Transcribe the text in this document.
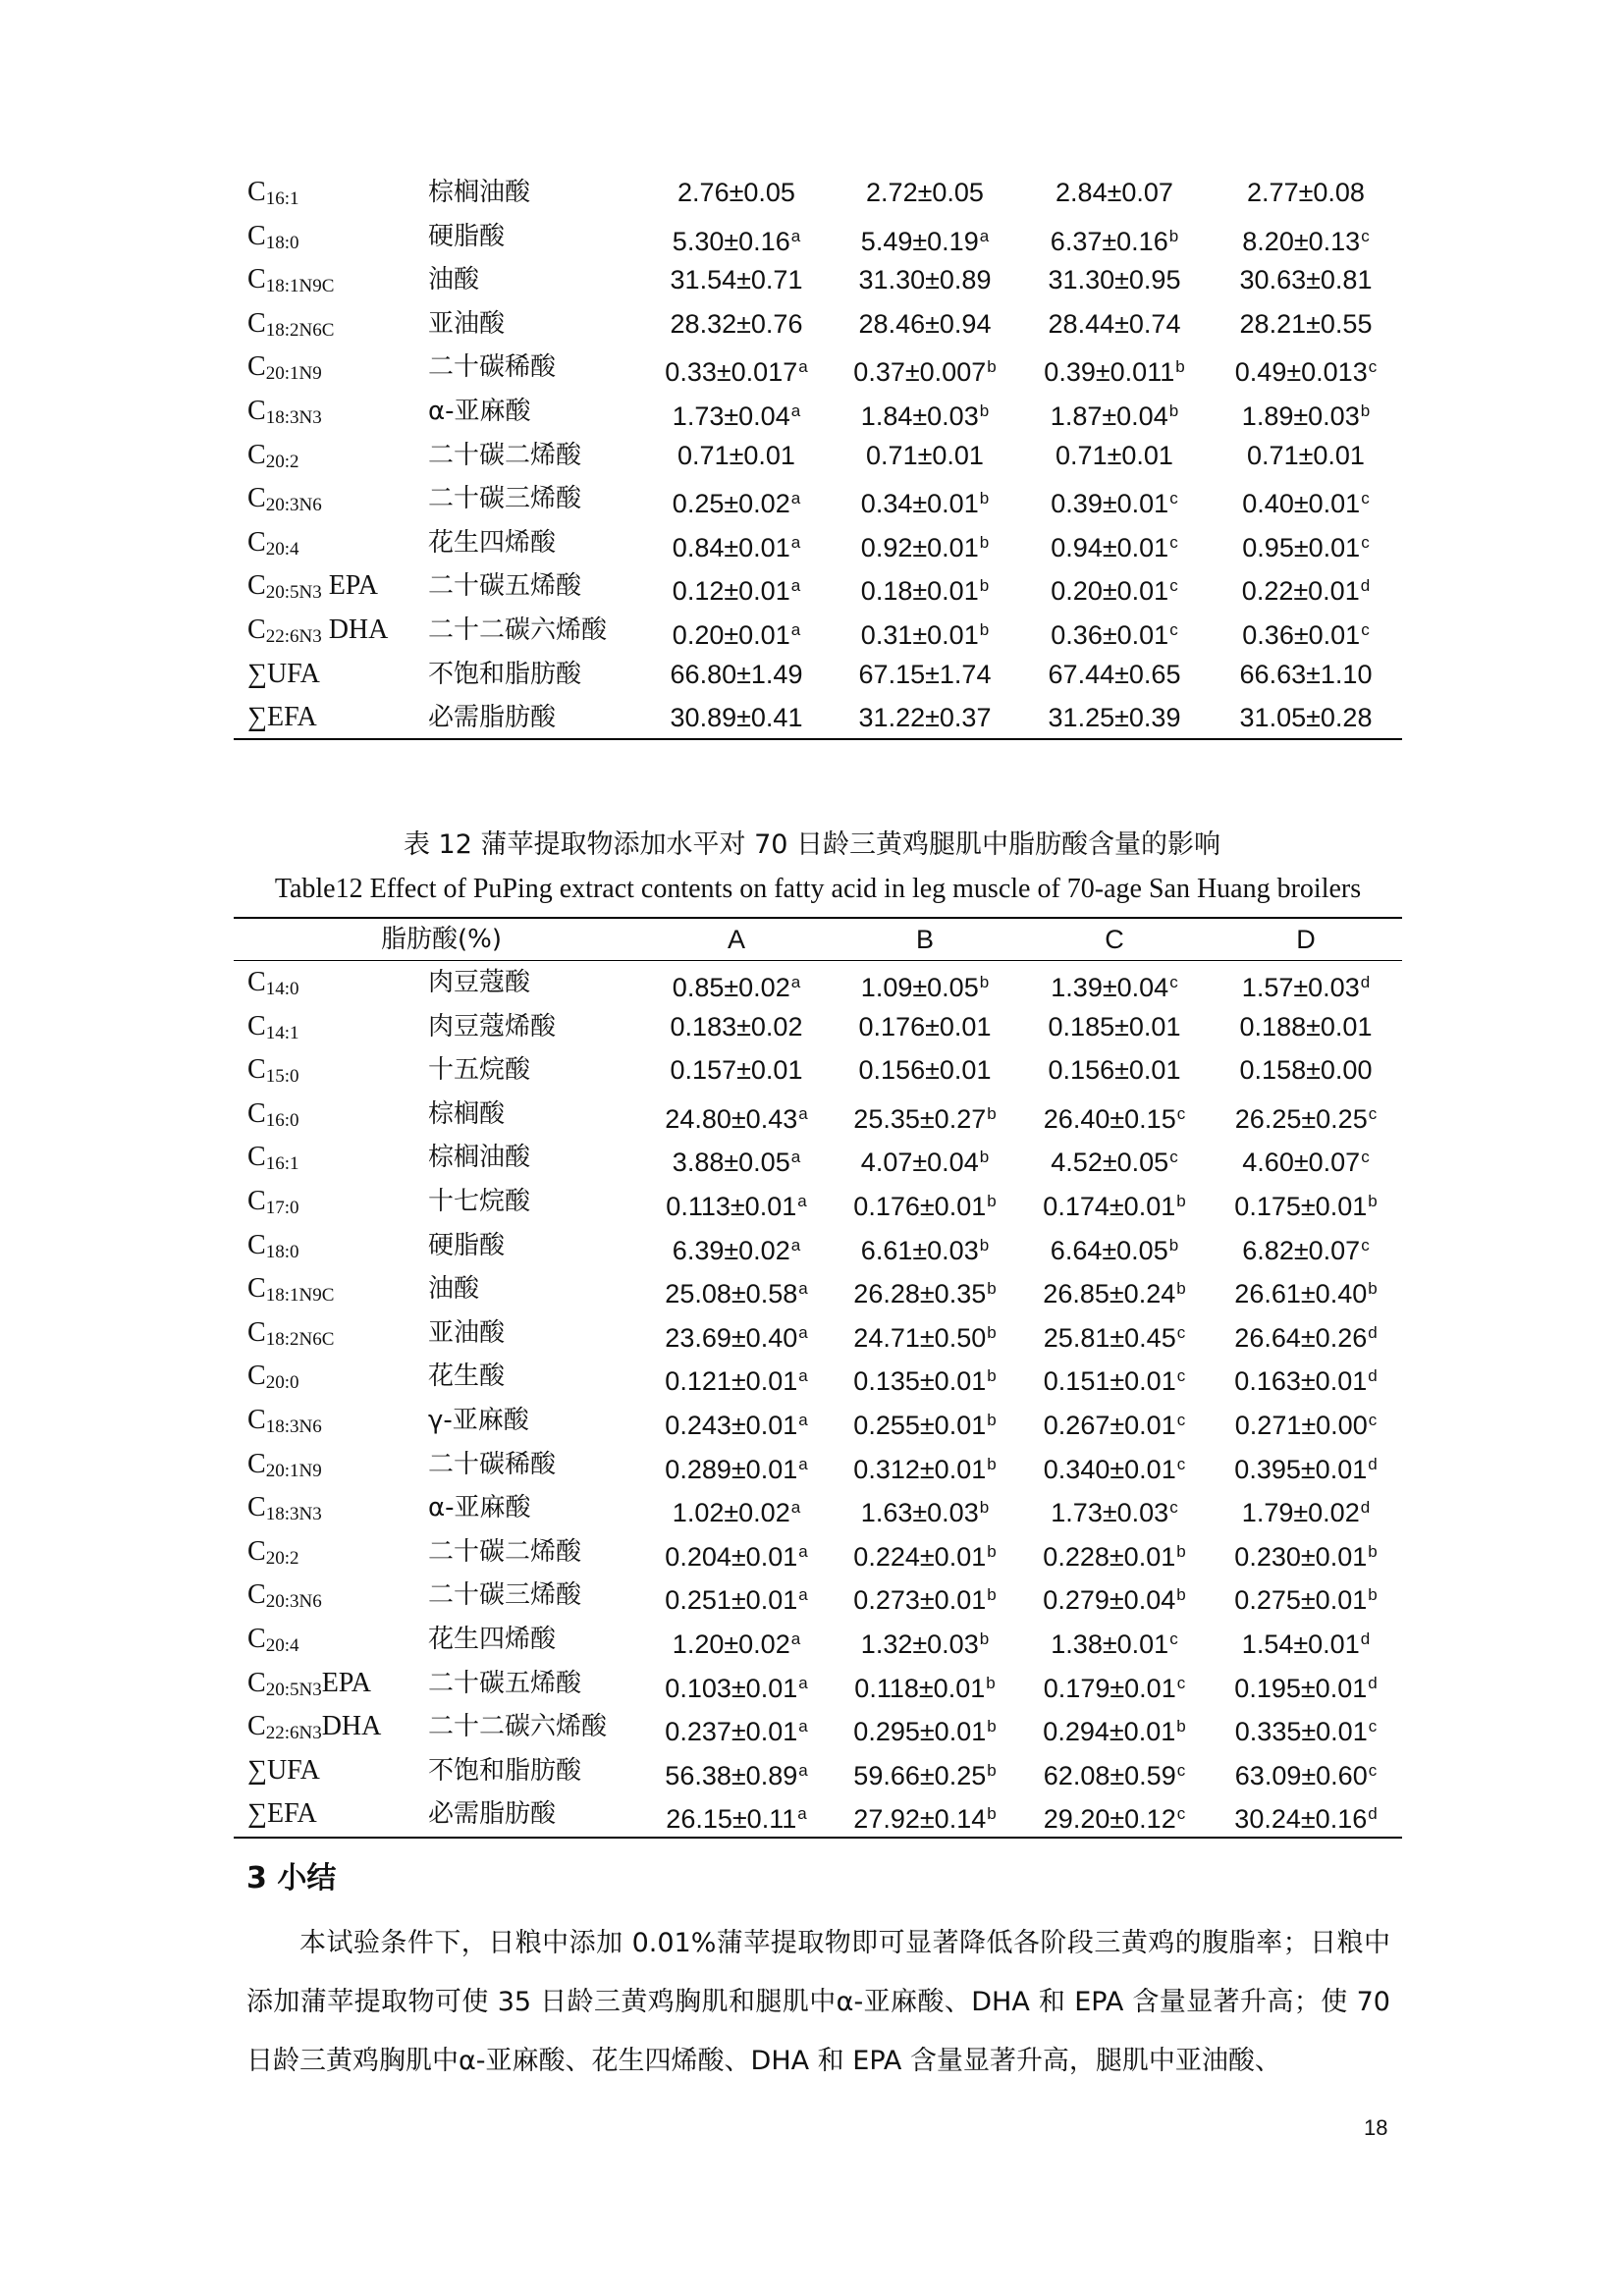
$C_{16:1}$	棕榈油酸	2.76±0.05	2.72±0.05	2.84±0.07	2.77±0.08
$C_{18:0}$	硬脂酸	5.30±0.16$^a$	5.49±0.19$^a$	6.37±0.16$^b$	8.20±0.13$^c$
$C_{18:1N9C}$	油酸	31.54±0.71	31.30±0.89	31.30±0.95	30.63±0.81
$C_{18:2N6C}$	亚油酸	28.32±0.76	28.46±0.94	28.44±0.74	28.21±0.55
$C_{20:1N9}$	二十碳稀酸	0.33±0.017$^a$	0.37±0.007$^b$	0.39±0.011$^b$	0.49±0.013$^c$
$C_{18:3N3}$	α-亚麻酸	1.73±0.04$^a$	1.84±0.03$^b$	1.87±0.04$^b$	1.89±0.03$^b$
$C_{20:2}$	二十碳二烯酸	0.71±0.01	0.71±0.01	0.71±0.01	0.71±0.01
$C_{20:3N6}$	二十碳三烯酸	0.25±0.02$^a$	0.34±0.01$^b$	0.39±0.01$^c$	0.40±0.01$^c$
$C_{20:4}$	花生四烯酸	0.84±0.01$^a$	0.92±0.01$^b$	0.94±0.01$^c$	0.95±0.01$^c$
$C_{20:5N3}$ EPA 二十碳五烯酸	0.12±0.01$^a$	0.18±0.01$^b$	0.20±0.01$^c$	0.22±0.01$^d$
$C_{22:6N3}$ DHA 二十二碳六烯酸	0.20±0.01$^a$	0.31±0.01$^b$	0.36±0.01$^c$	0.36±0.01$^c$
∑UFA	不饱和脂肪酸	66.80±1.49	67.15±1.74	67.44±0.65	66.63±1.10
∑EFA	必需脂肪酸	30.89±0.41	31.22±0.37	31.25±0.39	31.05±0.28
表 12 蒲苹提取物添加水平对 70 日龄三黄鸡腿肌中脂肪酸含量的影响
Table12 Effect of PuPing extract contents on fatty acid in leg muscle of 70-age San Huang broilers
脂肪酸(%)	A	B	C	D
$C_{14:0}$	肉豆蔻酸	0.85±0.02$^a$	1.09±0.05$^b$	1.39±0.04$^c$	1.57±0.03$^d$
$C_{14:1}$	肉豆蔻烯酸	0.183±0.02	0.176±0.01	0.185±0.01	0.188±0.01
$C_{15:0}$	十五烷酸	0.157±0.01	0.156±0.01	0.156±0.01	0.158±0.00
$C_{16:0}$	棕榈酸	24.80±0.43$^a$	25.35±0.27$^b$	26.40±0.15$^c$	26.25±0.25$^c$
$C_{16:1}$	棕榈油酸	3.88±0.05$^a$	4.07±0.04$^b$	4.52±0.05$^c$	4.60±0.07$^c$
$C_{17:0}$	十七烷酸	0.113±0.01$^a$	0.176±0.01$^b$	0.174±0.01$^b$	0.175±0.01$^b$
$C_{18:0}$	硬脂酸	6.39±0.02$^a$	6.61±0.03$^b$	6.64±0.05$^b$	6.82±0.07$^c$
$C_{18:1N9C}$	油酸	25.08±0.58$^a$	26.28±0.35$^b$	26.85±0.24$^b$	26.61±0.40$^b$
$C_{18:2N6C}$	亚油酸	23.69±0.40$^a$	24.71±0.50$^b$	25.81±0.45$^c$	26.64±0.26$^d$
$C_{20:0}$	花生酸	0.121±0.01$^a$	0.135±0.01$^b$	0.151±0.01$^c$	0.163±0.01$^d$
$C_{18:3N6}$	γ-亚麻酸	0.243±0.01$^a$	0.255±0.01$^b$	0.267±0.01$^c$	0.271±0.00$^c$
$C_{20:1N9}$	二十碳稀酸	0.289±0.01$^a$	0.312±0.01$^b$	0.340±0.01$^c$	0.395±0.01$^d$
$C_{18:3N3}$	α-亚麻酸	1.02±0.02$^a$	1.63±0.03$^b$	1.73±0.03$^c$	1.79±0.02$^d$
$C_{20:2}$	二十碳二烯酸	0.204±0.01$^a$	0.224±0.01$^b$	0.228±0.01$^b$	0.230±0.01$^b$
$C_{20:3N6}$	二十碳三烯酸	0.251±0.01$^a$	0.273±0.01$^b$	0.279±0.04$^b$	0.275±0.01$^b$
$C_{20:4}$	花生四烯酸	1.20±0.02$^a$	1.32±0.03$^b$	1.38±0.01$^c$	1.54±0.01$^d$
$C_{20:5N3}EPA$ 二十碳五烯酸	0.103±0.01$^a$	0.118±0.01$^b$	0.179±0.01$^c$	0.195±0.01$^d$
$C_{22:6N3}DHA$ 二十二碳六烯酸	0.237±0.01$^a$	0.295±0.01$^b$	0.294±0.01$^b$	0.335±0.01$^c$
∑UFA	不饱和脂肪酸	56.38±0.89$^a$	59.66±0.25$^b$	62.08±0.59$^c$	63.09±0.60$^c$
∑EFA	必需脂肪酸	26.15±0.11$^a$	27.92±0.14$^b$	29.20±0.12$^c$	30.24±0.16$^d$
3 小结
本试验条件下，日粮中添加 0.01%蒲苹提取物即可显著降低各阶段三黄鸡的腹脂率；日粮中添加蒲苹提取物可使 35 日龄三黄鸡胸肌和腿肌中α-亚麻酸、DHA 和 EPA 含量显著升高；使 70 日龄三黄鸡胸肌中α-亚麻酸、花生四烯酸、DHA 和 EPA 含量显著升高，腿肌中亚油酸、
18
